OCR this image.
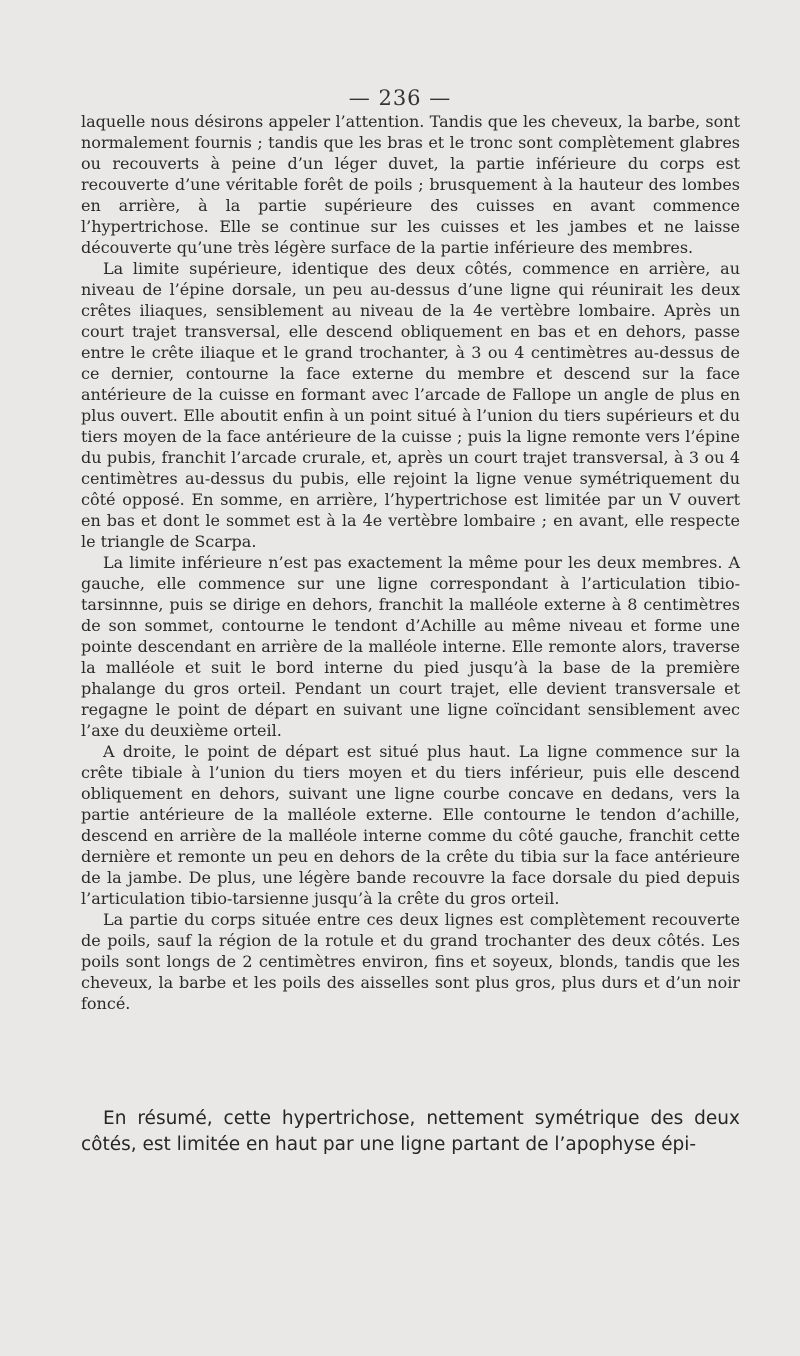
— 236 —

laquelle nous désirons appeler l’attention. Tandis que les cheveux, la barbe, sont normalement fournis ; tandis que les bras et le tronc sont complètement glabres ou recouverts à peine d’un léger duvet, la partie inférieure du corps est recouverte d’une véritable forêt de poils ; brusquement à la hauteur des lombes en arrière, à la partie supérieure des cuisses en avant commence l’hypertrichose. Elle se continue sur les cuisses et les jambes et ne laisse découverte qu’une très légère surface de la partie inférieure des membres.

La limite supérieure, identique des deux côtés, commence en arrière, au niveau de l’épine dorsale, un peu au-dessus d’une ligne qui réunirait les deux crêtes iliaques, sensiblement au niveau de la 4e vertèbre lombaire. Après un court trajet transversal, elle descend obliquement en bas et en dehors, passe entre le crête iliaque et le grand trochanter, à 3 ou 4 centimètres au-dessus de ce dernier, contourne la face externe du membre et descend sur la face antérieure de la cuisse en formant avec l’arcade de Fallope un angle de plus en plus ouvert. Elle aboutit enfin à un point situé à l’union du tiers supérieurs et du tiers moyen de la face antérieure de la cuisse ; puis la ligne remonte vers l’épine du pubis, franchit l’arcade crurale, et, après un court trajet transversal, à 3 ou 4 centimètres au-dessus du pubis, elle rejoint la ligne venue symétriquement du côté opposé. En somme, en arrière, l’hypertrichose est limitée par un V ouvert en bas et dont le sommet est à la 4e vertèbre lombaire ; en avant, elle respecte le triangle de Scarpa.

La limite inférieure n’est pas exactement la même pour les deux membres. A gauche, elle commence sur une ligne correspondant à l’articulation tibio-tarsinnne, puis se dirige en dehors, franchit la malléole externe à 8 centimètres de son sommet, contourne le tendont d’Achille au même niveau et forme une pointe descendant en arrière de la malléole interne. Elle remonte alors, traverse la malléole et suit le bord interne du pied jusqu’à la base de la première phalange du gros orteil. Pendant un court trajet, elle devient transversale et regagne le point de départ en suivant une ligne coïncidant sensiblement avec l’axe du deuxième orteil.

A droite, le point de départ est situé plus haut. La ligne commence sur la crête tibiale à l’union du tiers moyen et du tiers inférieur, puis elle descend obliquement en dehors, suivant une ligne courbe concave en dedans, vers la partie antérieure de la malléole externe. Elle contourne le tendon d’achille, descend en arrière de la malléole interne comme du côté gauche, franchit cette dernière et remonte un peu en dehors de la crête du tibia sur la face antérieure de la jambe. De plus, une légère bande recouvre la face dorsale du pied depuis l’articulation tibio-tarsienne jusqu’à la crête du gros orteil.

La partie du corps située entre ces deux lignes est complètement recouverte de poils, sauf la région de la rotule et du grand trochanter des deux côtés. Les poils sont longs de 2 centimètres environ, fins et soyeux, blonds, tandis que les cheveux, la barbe et les poils des aisselles sont plus gros, plus durs et d’un noir foncé.

En résumé, cette hypertrichose, nettement symétrique des deux côtés, est limitée en haut par une ligne partant de l’apophyse épi-
